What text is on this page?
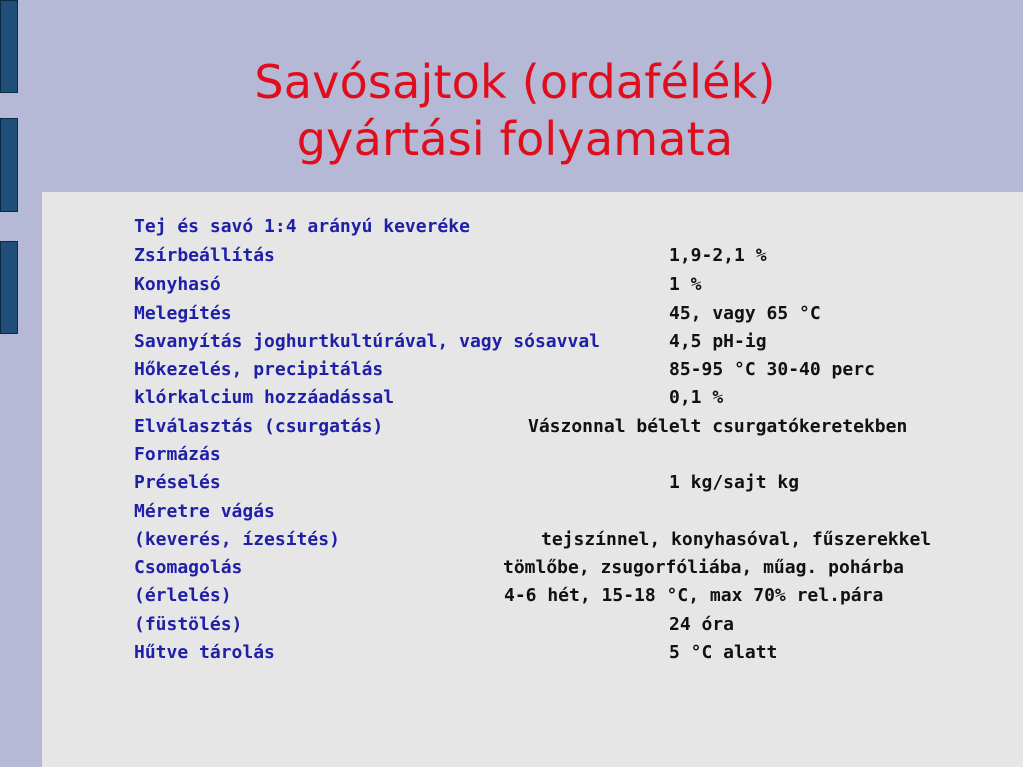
Savósajtok (ordafélék)
gyártási folyamata
Tej és savó 1:4 arányú keveréke
Zsírbeállítás	1,9-2,1 %
Konyhasó	1 %
Melegítés	45, vagy 65 °C
Savanyítás joghurtkultúrával, vagy sósavval	4,5 pH-ig
Hőkezelés, precipitálás	85-95 °C 30-40 perc
klórkalcium hozzáadással	0,1 %
Elválasztás (csurgatás)	Vászonnal bélelt csurgatókeretekben
Formázás
Préselés	1 kg/sajt kg
Méretre vágás
(keverés, ízesítés)	tejszínnel, konyhasóval, fűszerekkel
Csomagolás	tömlőbe, zsugorfóliába, műag. pohárba
(érlelés)	4-6 hét, 15-18 °C, max 70% rel.pára
(füstölés)	24 óra
Hűtve tárolás	5 °C alatt
